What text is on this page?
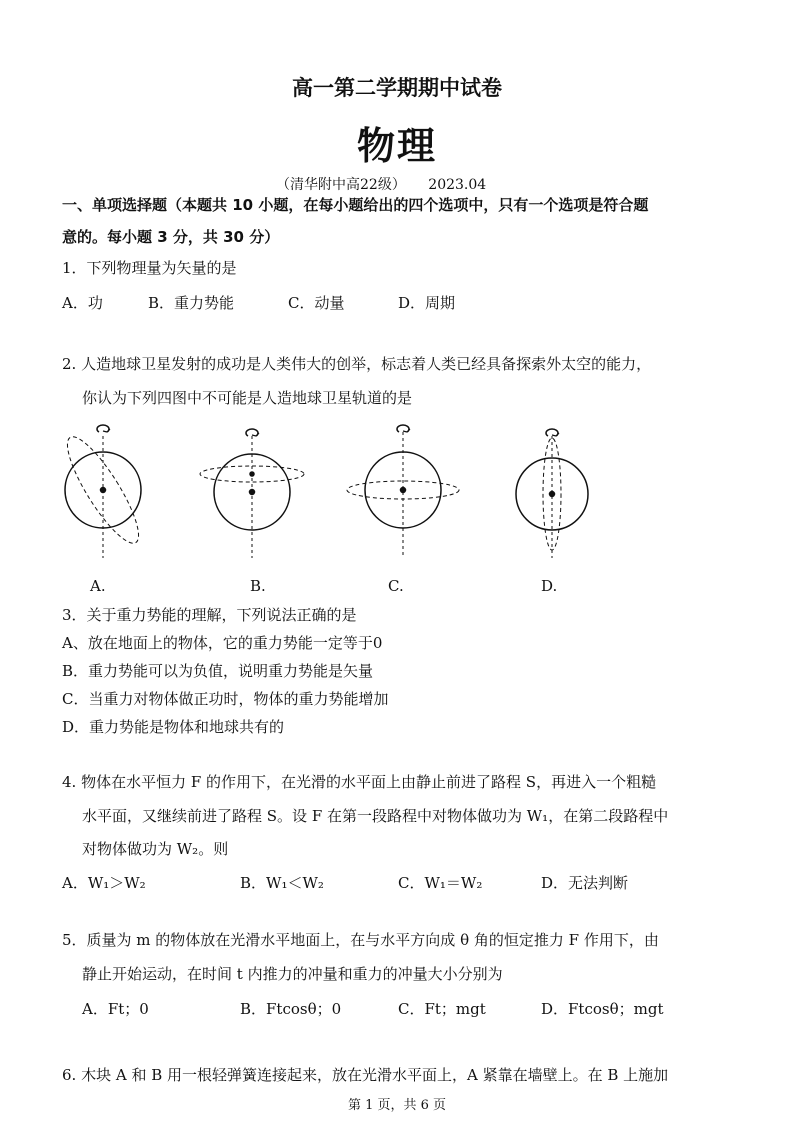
高一第二学期期中试卷
物理
（清华附中高22级） 2023.04
一、单项选择题（本题共 10 小题，在每小题给出的四个选项中，只有一个选项是符合题
意的。每小题 3 分，共 30 分）
1．下列物理量为矢量的是
A．功	B．重力势能	C．动量	D．周期
2. 人造地球卫星发射的成功是人类伟大的创举，标志着人类已经具备探索外太空的能力，
你认为下列四图中不可能是人造地球卫星轨道的是
A.	B.	C.	D.
3．关于重力势能的理解，下列说法正确的是
A、放在地面上的物体，它的重力势能一定等于0
B．重力势能可以为负值，说明重力势能是矢量
C．当重力对物体做正功时，物体的重力势能增加
D．重力势能是物体和地球共有的
4. 物体在水平恒力 F 的作用下，在光滑的水平面上由静止前进了路程 S，再进入一个粗糙
水平面，又继续前进了路程 S。设 F 在第一段路程中对物体做功为 W₁，在第二段路程中
对物体做功为 W₂。则
A．W₁＞W₂	B．W₁＜W₂	C．W₁＝W₂	D．无法判断
5．质量为 m 的物体放在光滑水平地面上，在与水平方向成 θ 角的恒定推力 F 作用下，由
静止开始运动，在时间 t 内推力的冲量和重力的冲量大小分别为
A．Ft；0	B．Ftcosθ；0	C．Ft；mgt	D．Ftcosθ；mgt
6. 木块 A 和 B 用一根轻弹簧连接起来，放在光滑水平面上，A 紧靠在墙壁上。在 B 上施加
第 1 页，共 6 页
